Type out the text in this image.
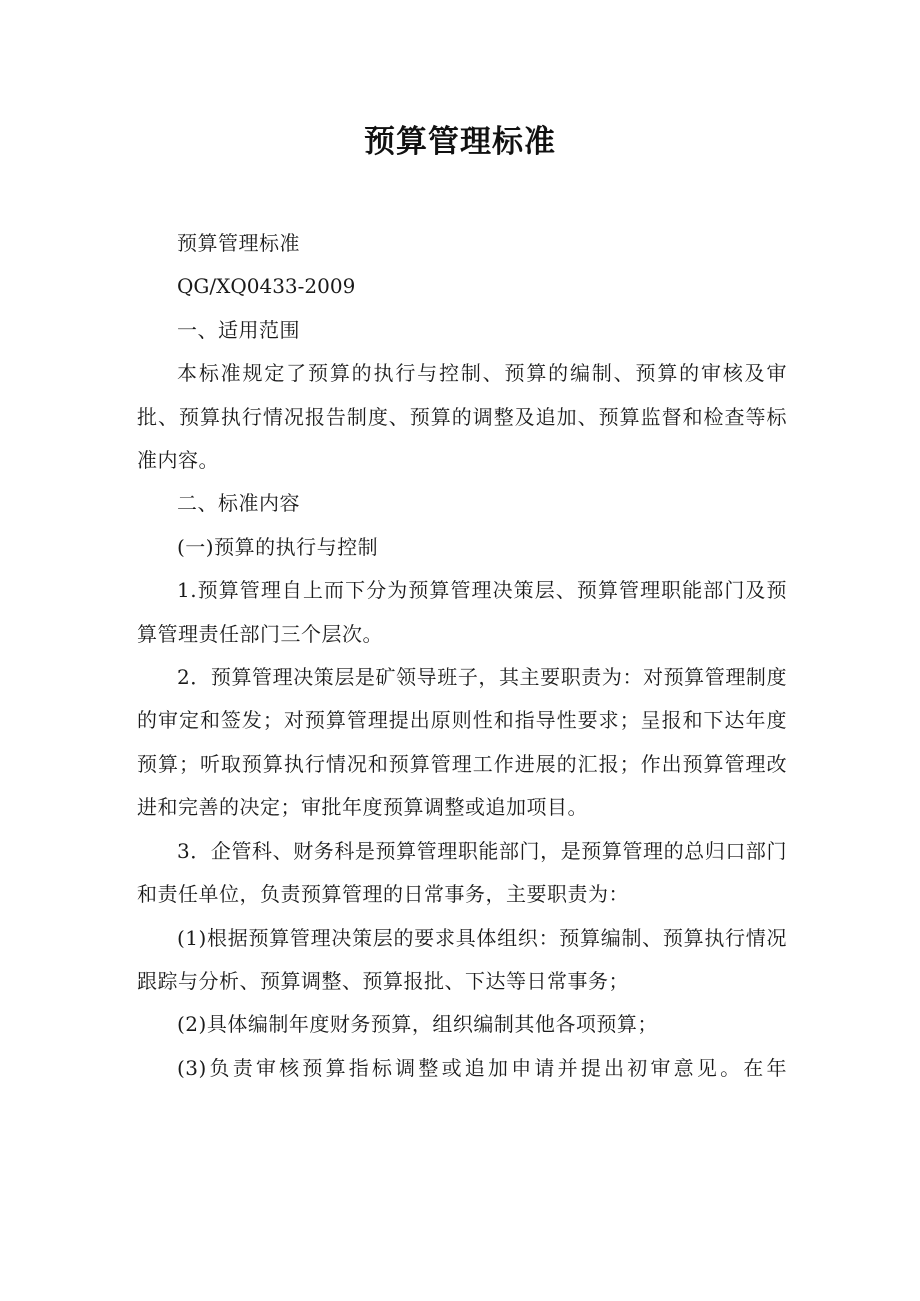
预算管理标准

预算管理标准

QG/XQ0433-2009

一、适用范围

本标准规定了预算的执行与控制、预算的编制、预算的审核及审批、预算执行情况报告制度、预算的调整及追加、预算监督和检查等标准内容。

二、标准内容

(一)预算的执行与控制

1.预算管理自上而下分为预算管理决策层、预算管理职能部门及预算管理责任部门三个层次。

2．预算管理决策层是矿领导班子，其主要职责为：对预算管理制度的审定和签发；对预算管理提出原则性和指导性要求；呈报和下达年度预算；听取预算执行情况和预算管理工作进展的汇报；作出预算管理改进和完善的决定；审批年度预算调整或追加项目。

3．企管科、财务科是预算管理职能部门，是预算管理的总归口部门和责任单位，负责预算管理的日常事务，主要职责为：

(1)根据预算管理决策层的要求具体组织：预算编制、预算执行情况跟踪与分析、预算调整、预算报批、下达等日常事务；

(2)具体编制年度财务预算，组织编制其他各项预算；

(3)负责审核预算指标调整或追加申请并提出初审意见。在年
